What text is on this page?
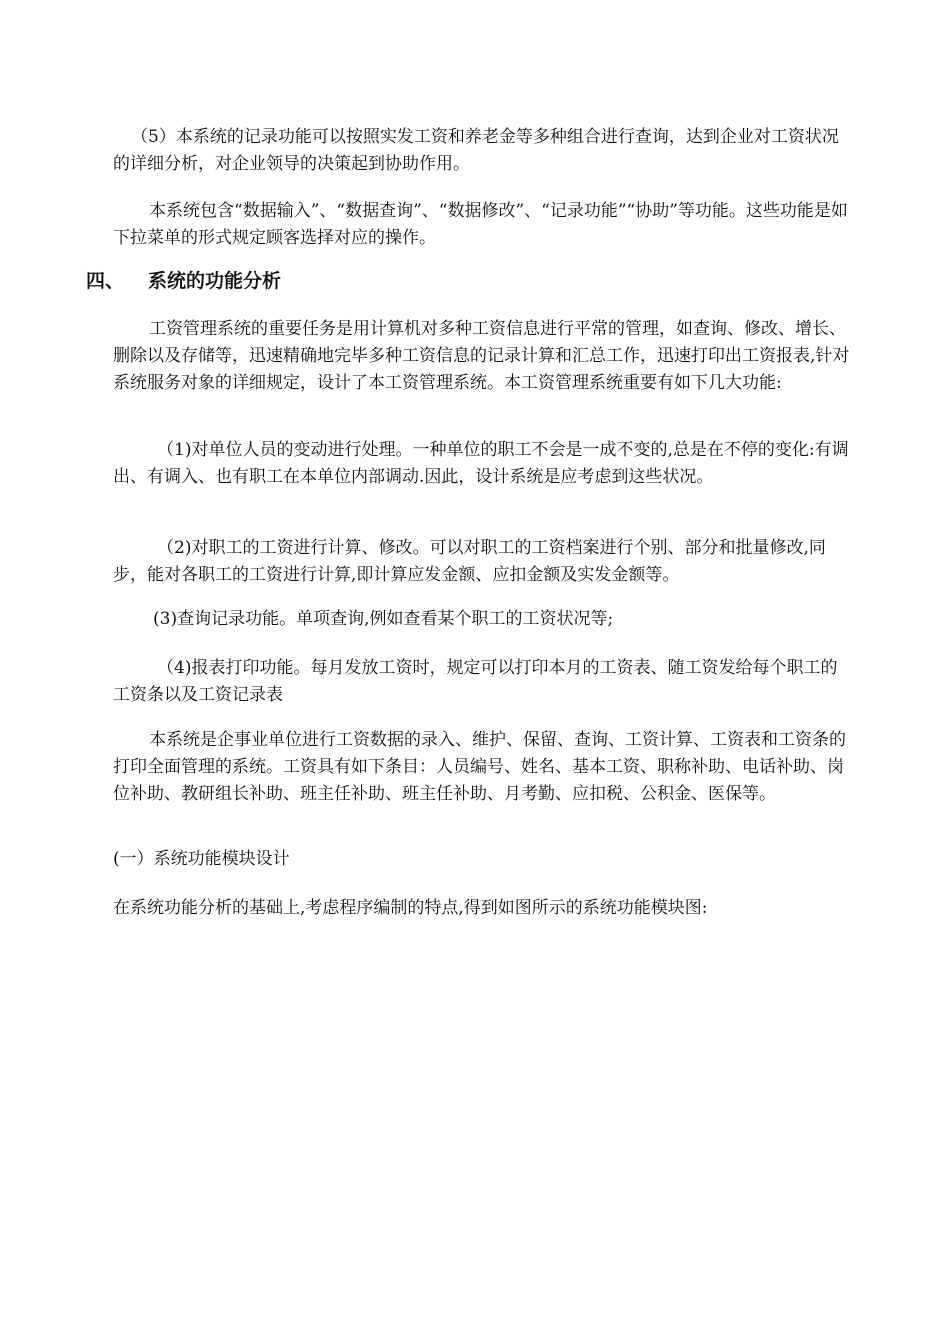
（5）本系统的记录功能可以按照实发工资和养老金等多种组合进行查询，达到企业对工资状况的详细分析，对企业领导的决策起到协助作用。

本系统包含“数据输入”、“数据查询”、“数据修改”、“记录功能”“协助”等功能。这些功能是如下拉菜单的形式规定顾客选择对应的操作。

四、 系统的功能分析

工资管理系统的重要任务是用计算机对多种工资信息进行平常的管理，如查询、修改、增长、删除以及存储等，迅速精确地完毕多种工资信息的记录计算和汇总工作，迅速打印出工资报表,针对系统服务对象的详细规定，设计了本工资管理系统。本工资管理系统重要有如下几大功能:

（1)对单位人员的变动进行处理。一种单位的职工不会是一成不变的,总是在不停的变化:有调出、有调入、也有职工在本单位内部调动.因此，设计系统是应考虑到这些状况。

（2)对职工的工资进行计算、修改。可以对职工的工资档案进行个别、部分和批量修改,同步，能对各职工的工资进行计算,即计算应发金额、应扣金额及实发金额等。

(3)查询记录功能。单项查询,例如查看某个职工的工资状况等;

（4)报表打印功能。每月发放工资时，规定可以打印本月的工资表、随工资发给每个职工的工资条以及工资记录表

本系统是企事业单位进行工资数据的录入、维护、保留、查询、工资计算、工资表和工资条的打印全面管理的系统。工资具有如下条目：人员编号、姓名、基本工资、职称补助、电话补助、岗位补助、教研组长补助、班主任补助、班主任补助、月考勤、应扣税、公积金、医保等。

(一）系统功能模块设计

在系统功能分析的基础上,考虑程序编制的特点,得到如图所示的系统功能模块图:
